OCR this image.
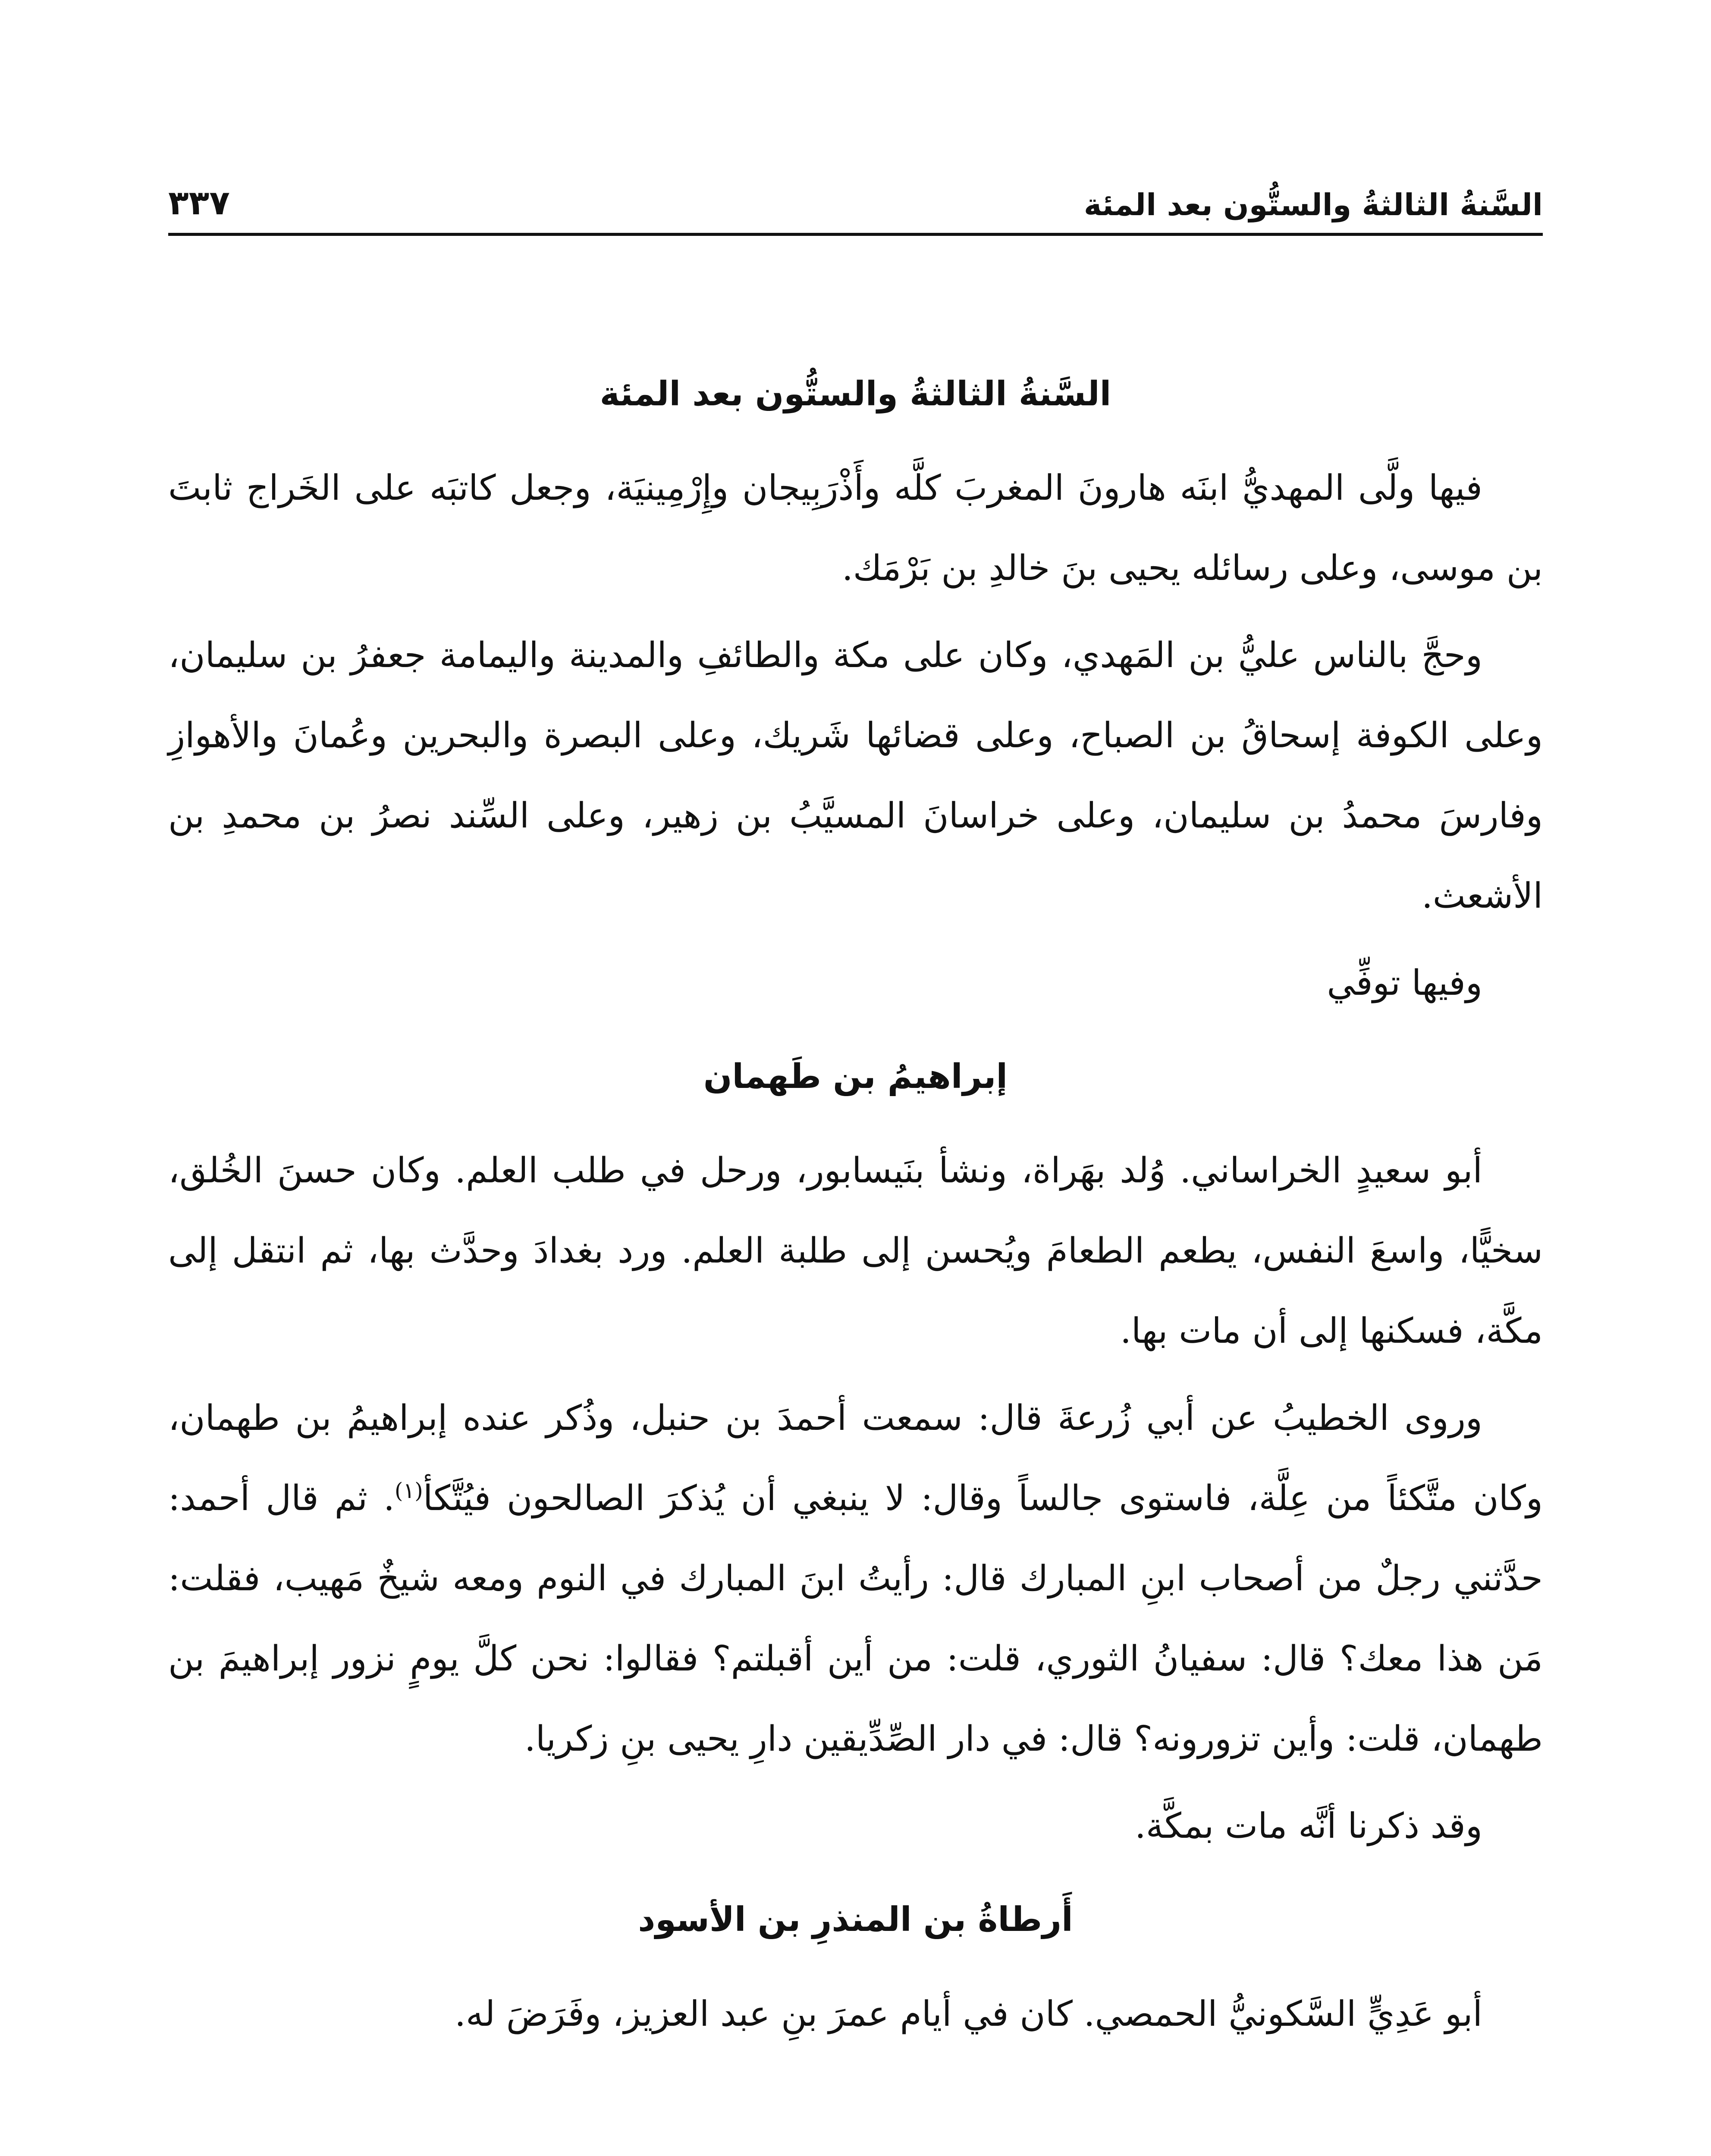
السَّنةُ الثالثةُ والستُّون بعد المئة
٣٣٧
السَّنةُ الثالثةُ والستُّون بعد المئة

فيها ولَّى المهديُّ ابنَه هارونَ المغربَ كلَّه وأَذْرَبِيجان وإِرْمِينيَة، وجعل كاتبَه على الخَراج ثابتَ بن موسى، وعلى رسائله يحيى بنَ خالدِ بن بَرْمَك.

وحجَّ بالناس عليُّ بن المَهدي، وكان على مكة والطائفِ والمدينة واليمامة جعفرُ بن سليمان، وعلى الكوفة إسحاقُ بن الصباح، وعلى قضائها شَريك، وعلى البصرة والبحرين وعُمانَ والأهوازِ وفارسَ محمدُ بن سليمان، وعلى خراسانَ المسيَّبُ بن زهير، وعلى السِّند نصرُ بن محمدِ بن الأشعث.

وفيها توفِّي

إبراهيمُ بن طَهمان

أبو سعيدٍ الخراساني. وُلد بهَراة، ونشأ بنَيسابور، ورحل في طلب العلم. وكان حسنَ الخُلق، سخيًّا، واسعَ النفس، يطعم الطعامَ ويُحسن إلى طلبة العلم. ورد بغدادَ وحدَّث بها، ثم انتقل إلى مكَّة، فسكنها إلى أن مات بها.

وروى الخطيبُ عن أبي زُرعةَ قال: سمعت أحمدَ بن حنبل، وذُكر عنده إبراهيمُ بن طهمان، وكان متَّكئاً من عِلَّة، فاستوى جالساً وقال: لا ينبغي أن يُذكرَ الصالحون فيُتَّكأ$^{(١)}$. ثم قال أحمد: حدَّثني رجلٌ من أصحاب ابنِ المبارك قال: رأيتُ ابنَ المبارك في النوم ومعه شيخٌ مَهيب، فقلت: مَن هذا معك؟ قال: سفيانُ الثوري، قلت: من أين أقبلتم؟ فقالوا: نحن كلَّ يومٍ نزور إبراهيمَ بن طهمان، قلت: وأين تزورونه؟ قال: في دار الصِّدِّيقين دارِ يحيى بنِ زكريا.

وقد ذكرنا أنَّه مات بمكَّة.

أَرطاةُ بن المنذرِ بن الأسود

أبو عَدِيٍّ السَّكونيُّ الحمصي. كان في أيام عمرَ بنِ عبد العزيز، وفَرَضَ له.
